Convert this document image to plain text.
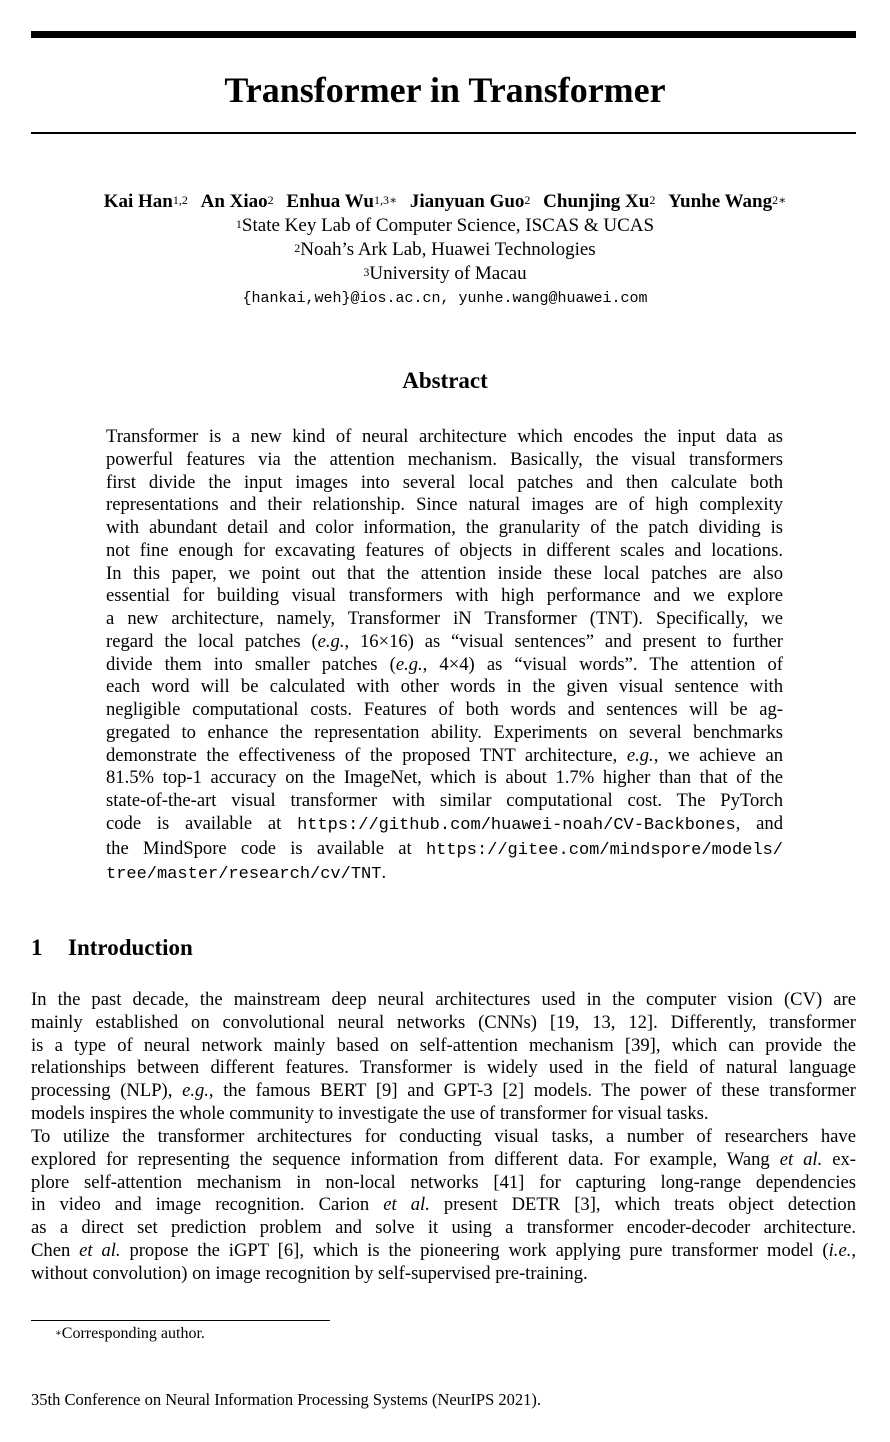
Transformer in Transformer
Kai Han$^{1,2}$ An Xiao$^2$ Enhua $Wu^{1,3∗}$ Jianyuan Guo$^2$ Chunjing Xu$^2$ Yunhe Wang$^{2∗}$
$^1$State Key Lab of Computer Science, ISCAS & UCAS
$^2$Noah’s Ark Lab, Huawei Technologies
$^3$University of Macau
{hankai,weh}@ios.ac.cn, yunhe.wang@huawei.com
Abstract
Transformer is a new kind of neural architecture which encodes the input data as
powerful features via the attention mechanism. Basically, the visual transformers
first divide the input images into several local patches and then calculate both
representations and their relationship. Since natural images are of high complexity
with abundant detail and color information, the granularity of the patch dividing is
not fine enough for excavating features of objects in different scales and locations.
In this paper, we point out that the attention inside these local patches are also
essential for building visual transformers with high performance and we explore
a new architecture, namely, Transformer iN Transformer (TNT). Specifically, we
regard the local patches (e.g., 16×16) as “visual sentences” and present to further
divide them into smaller patches (e.g., 4×4) as “visual words”. The attention of
each word will be calculated with other words in the given visual sentence with
negligible computational costs. Features of both words and sentences will be ag-
gregated to enhance the representation ability. Experiments on several benchmarks
demonstrate the effectiveness of the proposed TNT architecture, e.g., we achieve an
81.5% top-1 accuracy on the ImageNet, which is about 1.7% higher than that of the
state-of-the-art visual transformer with similar computational cost. The PyTorch
code is available at https://github.com/huawei-noah/CV-Backbones, and
the MindSpore code is available at https://gitee.com/mindspore/models/
tree/master/research/cv/TNT.
1 Introduction
In the past decade, the mainstream deep neural architectures used in the computer vision (CV) are
mainly established on convolutional neural networks (CNNs) [19, 13, 12]. Differently, transformer
is a type of neural network mainly based on self-attention mechanism [39], which can provide the
relationships between different features. Transformer is widely used in the field of natural language
processing (NLP), e.g., the famous BERT [9] and GPT-3 [2] models. The power of these transformer
models inspires the whole community to investigate the use of transformer for visual tasks.
To utilize the transformer architectures for conducting visual tasks, a number of researchers have
explored for representing the sequence information from different data. For example, Wang et al. ex-
plore self-attention mechanism in non-local networks [41] for capturing long-range dependencies
in video and image recognition. Carion et al. present DETR [3], which treats object detection
as a direct set prediction problem and solve it using a transformer encoder-decoder architecture.
Chen et al. propose the iGPT [6], which is the pioneering work applying pure transformer model (i.e.,
without convolution) on image recognition by self-supervised pre-training.
∗Corresponding author.
35th Conference on Neural Information Processing Systems (NeurIPS 2021).
